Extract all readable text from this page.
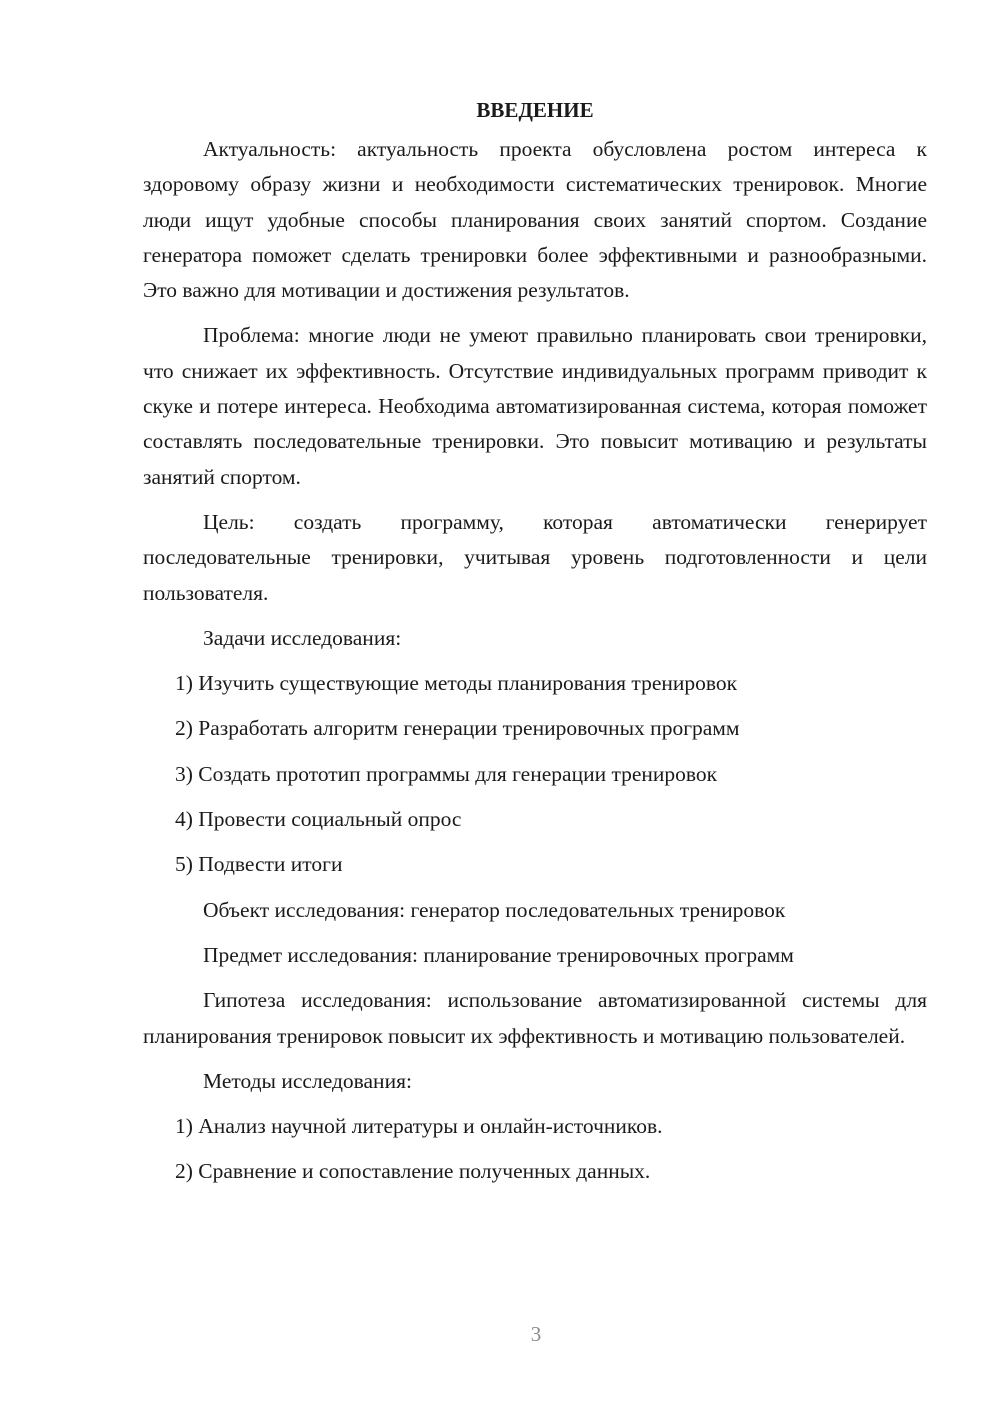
ВВЕДЕНИЕ

Актуальность: актуальность проекта обусловлена ростом интереса к здоровому образу жизни и необходимости систематических тренировок. Многие люди ищут удобные способы планирования своих занятий спортом. Создание генератора поможет сделать тренировки более эффективными и разнообразными. Это важно для мотивации и достижения результатов.

Проблема: многие люди не умеют правильно планировать свои тренировки, что снижает их эффективность. Отсутствие индивидуальных программ приводит к скуке и потере интереса. Необходима автоматизированная система, которая поможет составлять последовательные тренировки. Это повысит мотивацию и результаты занятий спортом.

Цель: создать программу, которая автоматически генерирует последовательные тренировки, учитывая уровень подготовленности и цели пользователя.

Задачи исследования:

1) Изучить существующие методы планирования тренировок

2) Разработать алгоритм генерации тренировочных программ

3) Создать прототип программы для генерации тренировок

4) Провести социальный опрос

5) Подвести итоги

Объект исследования: генератор последовательных тренировок

Предмет исследования: планирование тренировочных программ

Гипотеза исследования: использование автоматизированной системы для планирования тренировок повысит их эффективность и мотивацию пользователей.

Методы исследования:

1) Анализ научной литературы и онлайн-источников.

2) Сравнение и сопоставление полученных данных.

3
